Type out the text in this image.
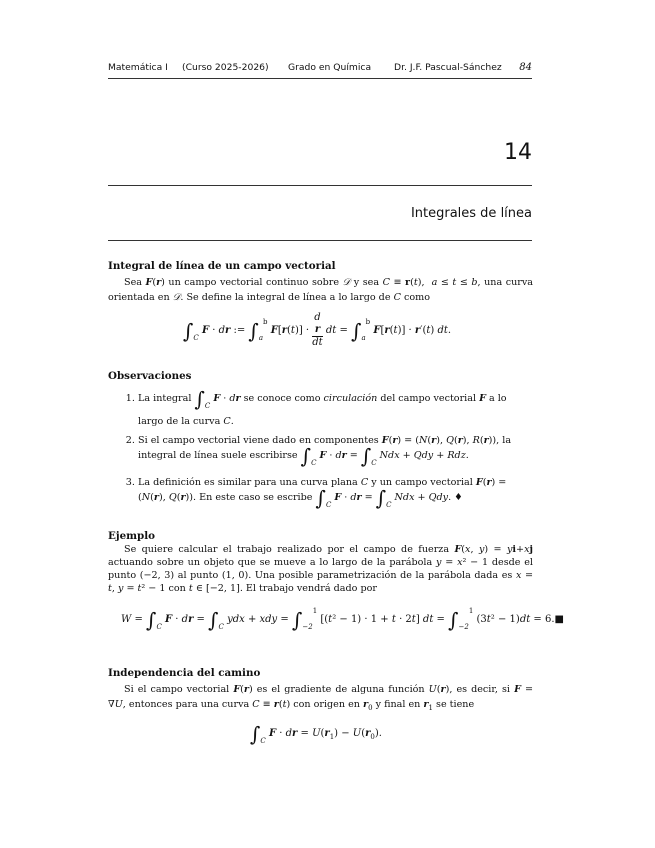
Matemática I (Curso 2025-2026) Grado en Química Dr. J.F. Pascual-Sánchez 84
14
Integrales de línea
Integral de línea de un campo vectorial

Sea F(r) un campo vectorial continuo sobre 𝒟 y sea C ≡ r(t),  a ≤ t ≤ b, una curva orientada en 𝒟. Se define la integral de línea a lo largo de C como

$\int_C$ F · dr := $\int_a^b$ F[r(t)] · d
r
dt dt = $\int_a^b$ F[r(t)] · r′(t) dt.
Observaciones
1. La integral $\int_C$ F · dr se conoce como circulación del campo vectorial F a lo largo de la curva C.
2. Si el campo vectorial viene dado en componentes F(r) = (N(r), Q(r), R(r)), la integral de línea suele escribirse $\int_C$ F · dr = $\int_C$ Ndx + Qdy + Rdz.
3. La definición es similar para una curva plana C y un campo vectorial F(r) = (N(r), Q(r)). En este caso se escribe $\int_C$ F · dr = $\int_C$ Ndx + Qdy. ♦
Ejemplo

Se quiere calcular el trabajo realizado por el campo de fuerza F(x, y) = yi+xj actuando sobre un objeto que se mueve a lo largo de la parábola y = x² − 1 desde el punto (−2, 3) al punto (1, 0). Una posible parametrización de la parábola dada es x = t, y = t² − 1 con t ∈ [−2, 1]. El trabajo vendrá dado por

$W = \int_C$ F · dr = $\int_C$ ydx + xdy = $\int_{-2}^1$ [(t² − 1) · 1 + t · 2t] dt = $\int_{-2}^1$ (3t² − 1)dt = 6.■
Independencia del camino

Si el campo vectorial F(r) es el gradiente de alguna función U(r), es decir, si F = ∇U, entonces para una curva C ≡ r(t) con origen en $r_0$ y final en $r_1$ se tiene

$\int_C$ F · dr = $U(r_1) - U(r_0)$.
